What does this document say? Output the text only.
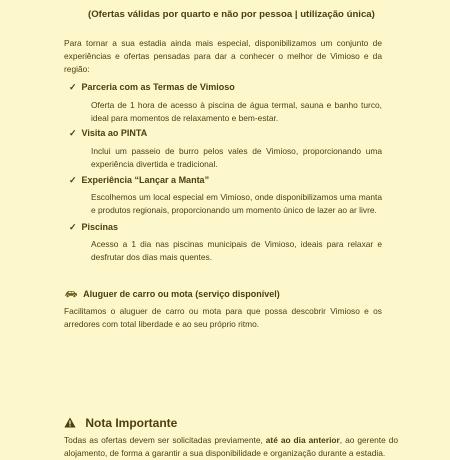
(Ofertas válidas por quarto e não por pessoa | utilização única)
Para tornar a sua estadia ainda mais especial, disponibilizamos um conjunto de experiências e ofertas pensadas para dar a conhecer o melhor de Vimioso e da região:
✓ Parceria com as Termas de Vimioso
Oferta de 1 hora de acesso à piscina de água termal, sauna e banho turco, ideal para momentos de relaxamento e bem-estar.
✓ Visita ao PINTA
Inclui um passeio de burro pelos vales de Vimioso, proporcionando uma experiência divertida e tradicional.
✓ Experiência “Lançar a Manta”
Escolhemos um local especial em Vimioso, onde disponibilizamos uma manta e produtos regionais, proporcionando um momento único de lazer ao ar livre.
✓ Piscinas
Acesso a 1 dia nas piscinas municipais de Vimioso, ideais para relaxar e desfrutar dos dias mais quentes.
Aluguer de carro ou mota (serviço disponível)
Facilitamos o aluguer de carro ou mota para que possa descobrir Vimioso e os arredores com total liberdade e ao seu próprio ritmo.
Nota Importante
Todas as ofertas devem ser solicitadas previamente, até ao dia anterior, ao gerente do alojamento, de forma a garantir a sua disponibilidade e organização durante a estadia.
